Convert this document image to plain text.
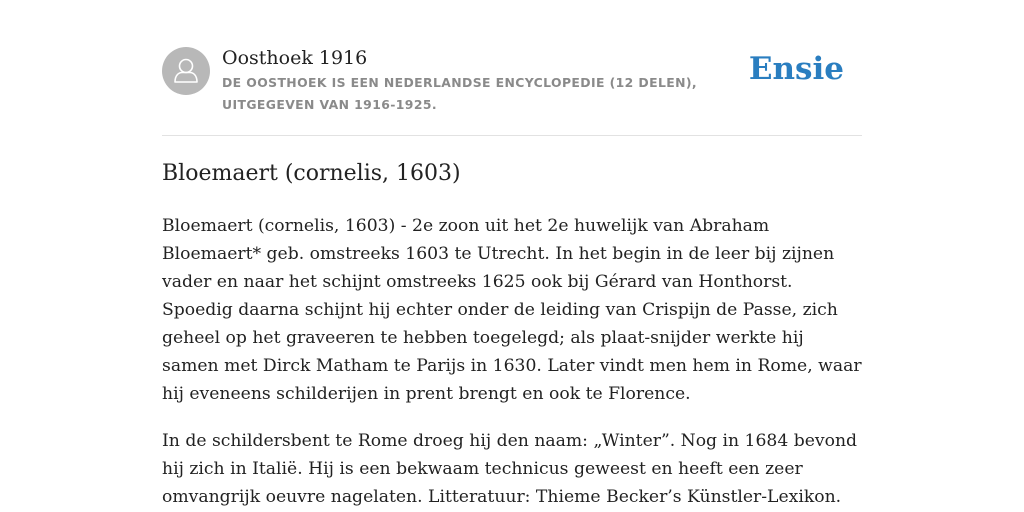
Oosthoek 1916
DE OOSTHOEK IS EEN NEDERLANDSE ENCYCLOPEDIE (12 DELEN), UITGEGEVEN VAN 1916-1925.
Ensie
Bloemaert (cornelis, 1603)

Bloemaert (cornelis, 1603) - 2e zoon uit het 2e huwelijk van Abraham Bloemaert* geb. omstreeks 1603 te Utrecht. In het begin in de leer bij zijnen vader en naar het schijnt omstreeks 1625 ook bij Gérard van Honthorst. Spoedig daarna schijnt hij echter onder de leiding van Crispijn de Passe, zich geheel op het graveeren te hebben toegelegd; als plaat-snijder werkte hij samen met Dirck Matham te Parijs in 1630. Later vindt men hem in Rome, waar hij eveneens schilderijen in prent brengt en ook te Florence.

In de schildersbent te Rome droeg hij den naam: „Winter”. Nog in 1684 bevond hij zich in Italië. Hij is een bekwaam technicus geweest en heeft een zeer omvangrijk oeuvre nagelaten. Litteratuur: Thieme Becker’s Künstler-Lexikon.
